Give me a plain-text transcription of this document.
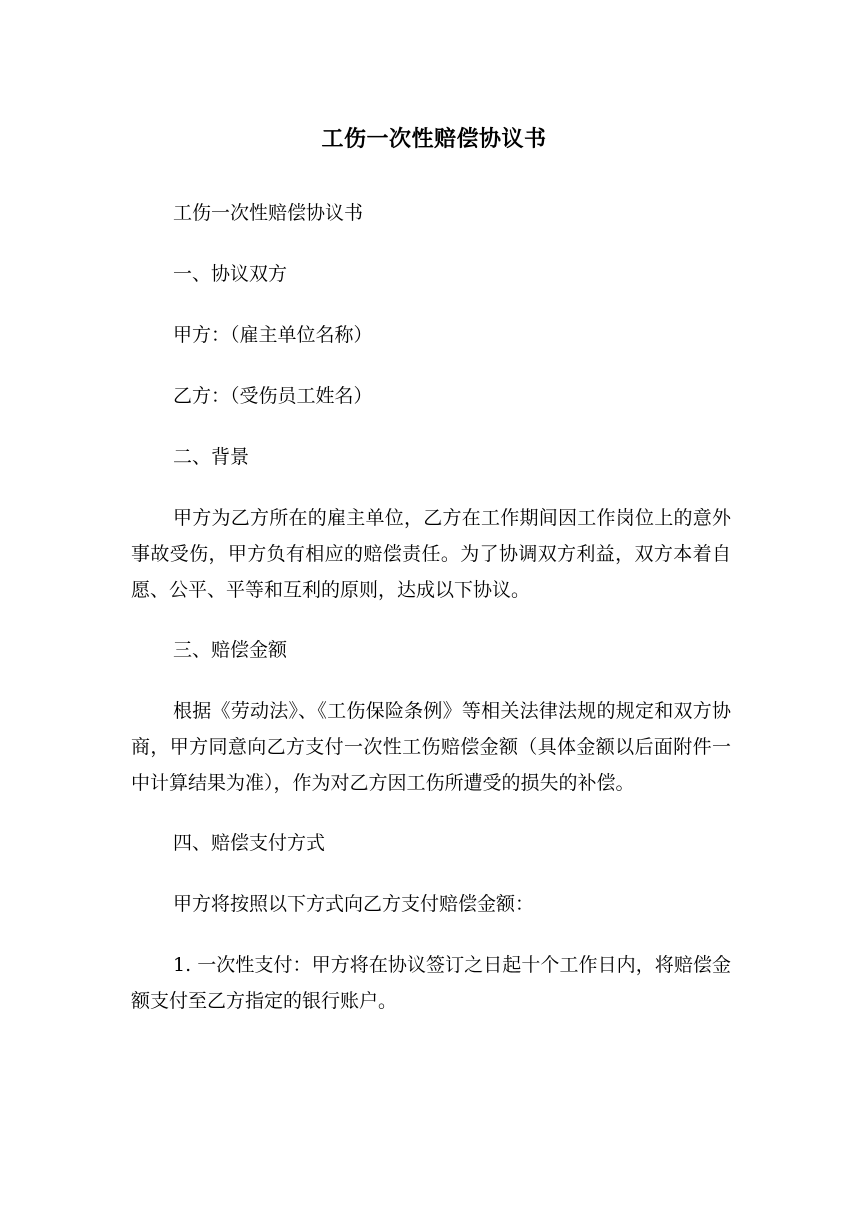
工伤一次性赔偿协议书

工伤一次性赔偿协议书

一、协议双方

甲方：（雇主单位名称）

乙方：（受伤员工姓名）

二、背景

甲方为乙方所在的雇主单位，乙方在工作期间因工作岗位上的意外事故受伤，甲方负有相应的赔偿责任。为了协调双方利益，双方本着自愿、公平、平等和互利的原则，达成以下协议。

三、赔偿金额

根据《劳动法》、《工伤保险条例》等相关法律法规的规定和双方协商，甲方同意向乙方支付一次性工伤赔偿金额（具体金额以后面附件一中计算结果为准），作为对乙方因工伤所遭受的损失的补偿。

四、赔偿支付方式

甲方将按照以下方式向乙方支付赔偿金额：

1. 一次性支付：甲方将在协议签订之日起十个工作日内，将赔偿金额支付至乙方指定的银行账户。
